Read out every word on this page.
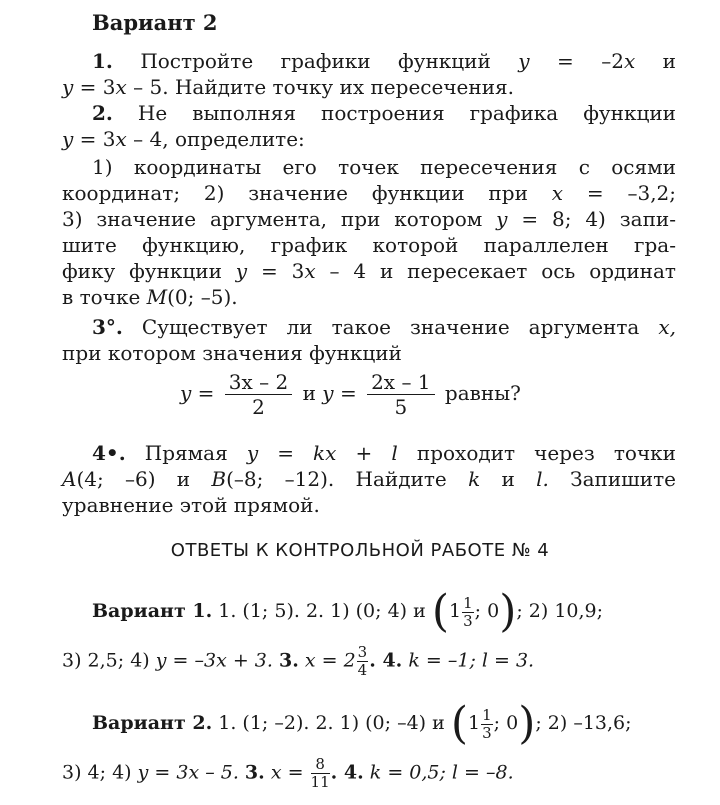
Вариант 2
1. Постройте графики функций y = –2x и
y = 3x – 5. Найдите точку их пересечения.
2. Не выполняя построения графика функции
y = 3x – 4, определите:
1) координаты его точек пересечения с осями
координат; 2) значение функции при x = –3,2;
3) значение аргумента, при котором y = 8; 4) запи-
шите функцию, график которой параллелен гра-
фику функции y = 3x – 4 и пересекает ось ординат
в точке M(0; –5).
3°. Существует ли такое значение аргумента x,
при котором значения функций
$y = \frac{3x - 2}{2}$ и $y = \frac{2x - 1}{5}$ равны?
4•. Прямая y = kx + l проходит через точки
A(4; –6) и B(–8; –12). Найдите k и l. Запишите
уравнение этой прямой.
ОТВЕТЫ К КОНТРОЛЬНОЙ РАБОТЕ № 4
Вариант 1. 1. (1; 5). 2. 1) (0; 4) и ($1 \frac{1}{3}$ ; 0); 2) 10,9;
3) 2,5; 4) y = –3x + 3. 3. $x = 2 \frac{3}{4}$ . 4. k = –1; l = 3.
Вариант 2. 1. (1; –2). 2. 1) (0; –4) и ($1 \frac{1}{3}$ ; 0); 2) –13,6;
3) 4; 4) y = 3x – 5. 3. $x = \frac{8}{11}$ . 4. k = 0,5; l = –8.
